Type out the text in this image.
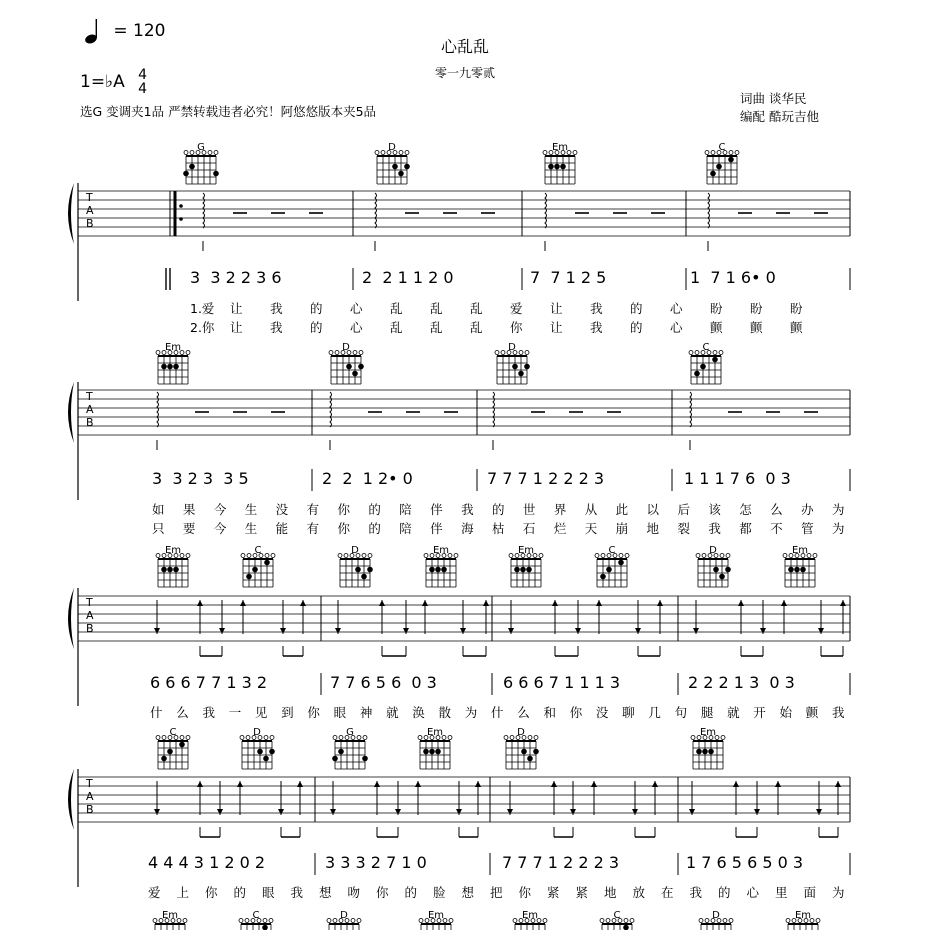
= 120
心乱乱
零一九零贰
1=♭A 4
4
选G 变调夹1品 严禁转载违者必究！阿悠悠版本夹5品
词曲 谈华民
编配 酷玩吉他
T
A
B
G	D	Em	C
T
A
B
Em	D	D	C
T
A
B
Em	C	D	Em	Em	C	D	Em
T
A
B
C	D	G	Em	D	Em
Em	C	D	Em	Em	C	D	Em
3  3 2 2 3 6	2  2 1 1 2 0	7  7 1 2 5	1  7 1 6• 0
3  3 2 3  3 5	2  2  1 2• 0	7 7 7 1 2 2 2 3	1 1 1 7 6  0 3
6 6 6 7 7 1 3 2	7 7 6 5 6  0 3	6 6 6 7 1 1 1 3	2 2 2 1 3  0 3
4 4 4 3 1 2 0 2	3 3 3 2 7 1 0	7 7 7 1 2 2 2 3	1 7 6 5 6 5 0 3
1.爱 让 我 的 心 乱 乱 乱 爱 让 我 的 心 盼 盼 盼
2.你 让 我 的 心 乱 乱 乱 你 让 我 的 心 颤 颤 颤
如 果 今 生 没 有 你 的 陪 伴 我 的 世 界 从 此 以 后 该 怎 么 办 为
只 要 今 生 能 有 你 的 陪 伴 海 枯 石 烂 天 崩 地 裂 我 都 不 管 为
什 么 我 一 见 到 你 眼 神 就 涣 散 为 什 么 和 你 没 聊 几 句 腿 就 开 始 颤 我
爱 上 你 的 眼 我 想 吻 你 的 脸 想 把 你 紧 紧 地 放 在 我 的 心 里 面 为
